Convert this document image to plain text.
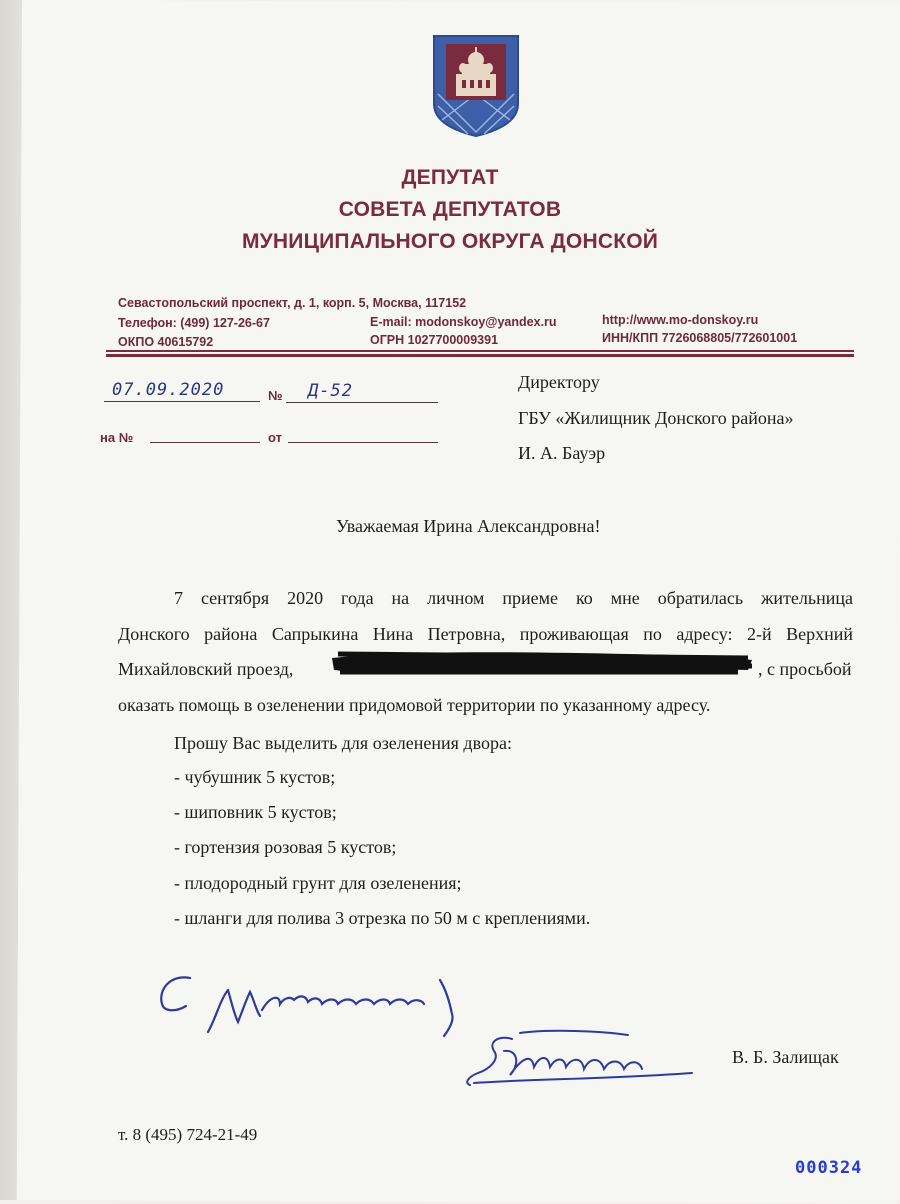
ДЕПУТАТ
СОВЕТА ДЕПУТАТОВ
МУНИЦИПАЛЬНОГО ОКРУГА ДОНСКОЙ
Севастопольский проспект, д. 1, корп. 5, Москва, 117152
Телефон: (499) 127-26-67	E-mail: modonskoy@yandex.ru	http://www.mo-donskoy.ru
ОКПО 40615792	ОГРН 1027700009391	ИНН/КПП 7726068805/772601001
07.09.2020	№ Д-52
на №	от
Директору
ГБУ «Жилищник Донского района»
И. А. Бауэр
Уважаемая Ирина Александровна!
7 сентября 2020 года на личном приеме ко мне обратилась жительница
Донского района Сапрыкина Нина Петровна, проживающая по адресу: 2-й Верхний
Михайловский проезд,	, с просьбой
оказать помощь в озеленении придомовой территории по указанному адресу.
Прошу Вас выделить для озеленения двора:
- чубушник 5 кустов;
- шиповник 5 кустов;
- гортензия розовая 5 кустов;
- плодородный грунт для озеленения;
- шланги для полива 3 отрезка по 50 м с креплениями.
В. Б. Залищак
т. 8 (495) 724-21-49
000324
